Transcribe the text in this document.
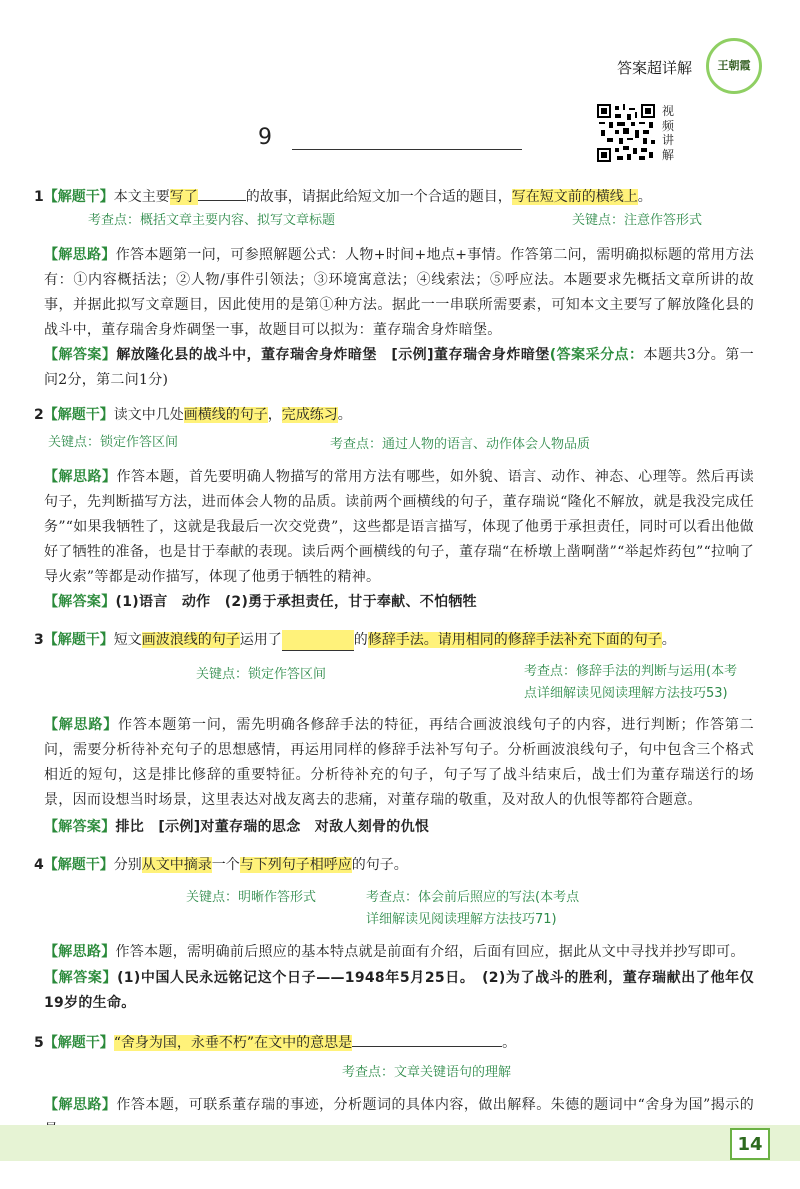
答案超详解 王朝霞
9
视频讲解
1【解题干】本文主要写了	的故事，请据此给短文加一个合适的题目，写在短文前的横线上。
考查点：概括文章主要内容、拟写文章标题	关键点：注意作答形式
【解思路】作答本题第一问，可参照解题公式：人物+时间+地点+事情。作答第二问，需明确拟标题的常用方法有：①内容概括法；②人物/事件引领法；③环境寓意法；④线索法；⑤呼应法。本题要求先概括文章所讲的故事，并据此拟写文章题目，因此使用的是第①种方法。据此一一串联所需要素，可知本文主要写了解放隆化县的战斗中，董存瑞舍身炸碉堡一事，故题目可以拟为：董存瑞舍身炸暗堡。
【解答案】解放隆化县的战斗中，董存瑞舍身炸暗堡　[示例]董存瑞舍身炸暗堡(答案采分点：本题共3分。第一问2分，第二问1分)
2【解题干】读文中几处画横线的句子，完成练习。
关键点：锁定作答区间	考查点：通过人物的语言、动作体会人物品质
【解思路】作答本题，首先要明确人物描写的常用方法有哪些，如外貌、语言、动作、神态、心理等。然后再读句子，先判断描写方法，进而体会人物的品质。读前两个画横线的句子，董存瑞说“隆化不解放，就是我没完成任务”“如果我牺牲了，这就是我最后一次交党费”，这些都是语言描写，体现了他勇于承担责任，同时可以看出他做好了牺牲的准备，也是甘于奉献的表现。读后两个画横线的句子，董存瑞“在桥墩上凿啊凿”“举起炸药包”“拉响了导火索”等都是动作描写，体现了他勇于牺牲的精神。
【解答案】(1)语言　动作　(2)勇于承担责任，甘于奉献、不怕牺牲
3【解题干】短文画波浪线的句子运用了	的修辞手法。请用相同的修辞手法补充下面的句子。
关键点：锁定作答区间	考查点：修辞手法的判断与运用(本考
点详细解读见阅读理解方法技巧53)
【解思路】作答本题第一问，需先明确各修辞手法的特征，再结合画波浪线句子的内容，进行判断；作答第二问，需要分析待补充句子的思想感情，再运用同样的修辞手法补写句子。分析画波浪线句子，句中包含三个格式相近的短句，这是排比修辞的重要特征。分析待补充的句子，句子写了战斗结束后，战士们为董存瑞送行的场景，因而设想当时场景，这里表达对战友离去的悲痛，对董存瑞的敬重，及对敌人的仇恨等都符合题意。
【解答案】排比　[示例]对董存瑞的思念　对敌人刻骨的仇恨
4【解题干】分别从文中摘录一个与下列句子相呼应的句子。
关键点：明晰作答形式	考查点：体会前后照应的写法(本考点
详细解读见阅读理解方法技巧71)
【解思路】作答本题，需明确前后照应的基本特点就是前面有介绍，后面有回应，据此从文中寻找并抄写即可。
【解答案】(1)中国人民永远铭记这个日子——1948年5月25日。　(2)为了战斗的胜利，董存瑞献出了他年仅19岁的生命。
5【解题干】“舍身为国，永垂不朽”在文中的意思是	。
考查点：文章关键语句的理解
【解思路】作答本题，可联系董存瑞的事迹，分析题词的具体内容，做出解释。朱德的题词中“舍身为国”揭示的
14
